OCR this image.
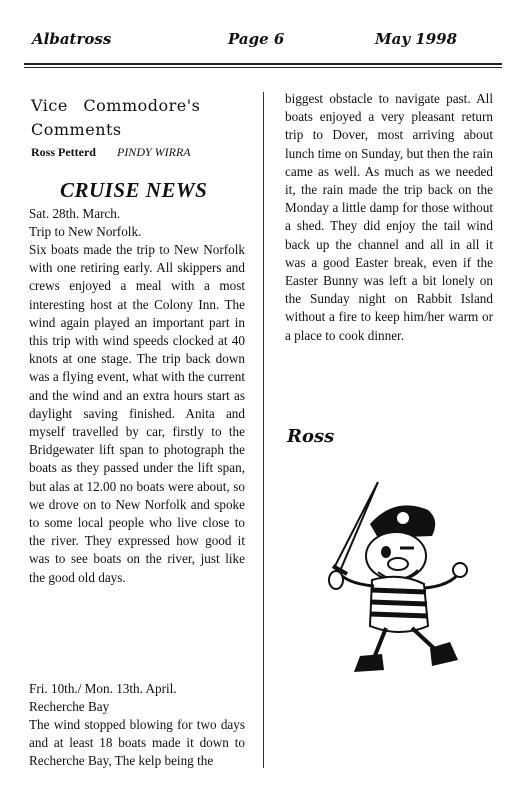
Albatross	Page 6	May 1998
Vice Commodore's
Comments
Ross Petterd PINDY WIRRA
CRUISE NEWS

Sat. 28th. March.
Trip to New Norfolk.

Six boats made the trip to New Norfolk with one retiring early. All skippers and crews enjoyed a meal with a most interesting host at the Colony Inn. The wind again played an important part in this trip with wind speeds clocked at 40 knots at one stage. The trip back down was a flying event, what with the current and the wind and an extra hours start as daylight saving finished. Anita and myself travelled by car, firstly to the Bridgewater lift span to photograph the boats as they passed under the lift span, but alas at 12.00 no boats were about, so we drove on to New Norfolk and spoke to some local people who live close to the river. They expressed how good it was to see boats on the river, just like the good old days.

Fri. 10th./ Mon. 13th. April.
Recherche Bay

The wind stopped blowing for two days and at least 18 boats made it down to Recherche Bay, The kelp being the

biggest obstacle to navigate past. All boats enjoyed a very pleasant return trip to Dover, most arriving about lunch time on Sunday, but then the rain came as well. As much as we needed it, the rain made the trip back on the Monday a little damp for those without a shed. They did enjoy the tail wind back up the channel and all in all it was a good Easter break, even if the Easter Bunny was left a bit lonely on the Sunday night on Rabbit Island without a fire to keep him/her warm or a place to cook dinner.

Ross
